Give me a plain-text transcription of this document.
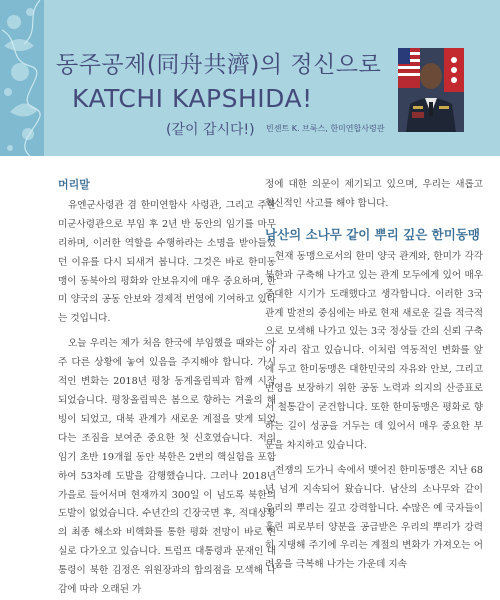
동주공제(同舟共濟)의 정신으로
KATCHI KAPSHIDA!
(같이 갑시다!) 빈센트 K. 브룩스, 한미연합사령관
머리말

유엔군사령관 겸 한미연합사 사령관, 그리고 주한미군사령관으로 부임 후 2년 반 동안의 임기를 마무리하며, 이러한 역할을 수행하라는 소명을 받아들였던 이유를 다시 되새겨 봅니다. 그것은 바로 한미동맹이 동북아의 평화와 안보유지에 매우 중요하며, 한미 양국의 공동 안보와 경제적 번영에 기여하고 있다는 것입니다.

오늘 우리는 제가 처음 한국에 부임했을 때와는 아주 다른 상황에 놓여 있음을 주지해야 합니다. 가시적인 변화는 2018년 평창 동계올림픽과 함께 시작되었습니다. 평창올림픽은 봄으로 향하는 겨울의 해빙이 되었고, 대북 관계가 새로운 계절을 맞게 되었다는 조짐을 보여준 중요한 첫 신호였습니다. 저의 임기 초반 19개월 동안 북한은 2번의 핵실험을 포함하여 53차례 도발을 감행했습니다. 그러나 2018년 가을로 들어서며 현재까지 300일 이 넘도록 북한의 도발이 없었습니다. 수년간의 긴장국면 후, 적대상황의 최종 해소와 비핵화를 통한 평화 전망이 바로 현실로 다가오고 있습니다. 트럼프 대통령과 문재인 대통령이 북한 김정은 위원장과의 합의점을 모색해 나감에 따라 오래된 가

정에 대한 의문이 제기되고 있으며, 우리는 새롭고 혁신적인 사고를 해야 합니다.

남산의 소나무 같이 뿌리 깊은 한미동맹

현재 동맹으로서의 한미 양국 관계와, 한미가 각각 북한과 구축해 나가고 있는 관계 모두에게 있어 매우 중대한 시기가 도래했다고 생각합니다. 이러한 3국관계 발전의 중심에는 바로 현재 새로운 길을 적극적으로 모색해 나가고 있는 3국 정상들 간의 신뢰 구축이 자리 잡고 있습니다. 이처럼 역동적인 변화를 앞에 두고 한미동맹은 대한민국의 자유와 안보, 그리고 번영을 보장하기 위한 공동 노력과 의지의 산증표로서 철통같이 굳건합니다. 또한 한미동맹은 평화로 향하는 길이 성공을 거두는 데 있어서 매우 중요한 부분을 차지하고 있습니다.

전쟁의 도가니 속에서 맺어진 한미동맹은 지난 68년 넘게 지속되어 왔습니다. 남산의 소나무와 같이 우리의 뿌리는 깊고 강력합니다. 수많은 예 국자들이 흘린 피로부터 양분을 공급받은 우리의 뿌리가 강력히 지탱해 주기에 우리는 계절의 변화가 가져오는 어려움을 극복해 나가는 가운데 지속
